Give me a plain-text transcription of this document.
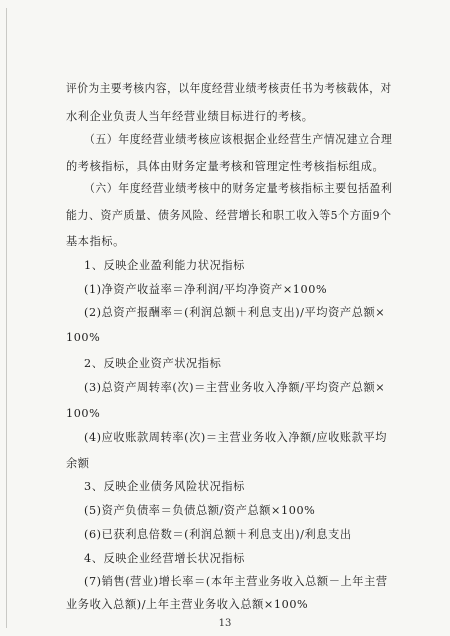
评价为主要考核内容，以年度经营业绩考核责任书为考核载体，对
水利企业负责人当年经营业绩目标进行的考核。
（五）年度经营业绩考核应该根据企业经营生产情况建立合理
的考核指标，具体由财务定量考核和管理定性考核指标组成。
（六）年度经营业绩考核中的财务定量考核指标主要包括盈利
能力、资产质量、债务风险、经营增长和职工收入等5个方面9个
基本指标。
1、反映企业盈利能力状况指标
(1)净资产收益率＝净利润/平均净资产×100%
(2)总资产报酬率＝(利润总额＋利息支出)/平均资产总额×
100%
2、反映企业资产状况指标
(3)总资产周转率(次)＝主营业务收入净额/平均资产总额×
100%
(4)应收账款周转率(次)＝主营业务收入净额/应收账款平均
余额
3、反映企业债务风险状况指标
(5)资产负债率＝负债总额/资产总额×100%
(6)已获利息倍数＝(利润总额＋利息支出)/利息支出
4、反映企业经营增长状况指标
(7)销售(营业)增长率＝(本年主营业务收入总额－上年主营
13
业务收入总额)/上年主营业务收入总额×100%
